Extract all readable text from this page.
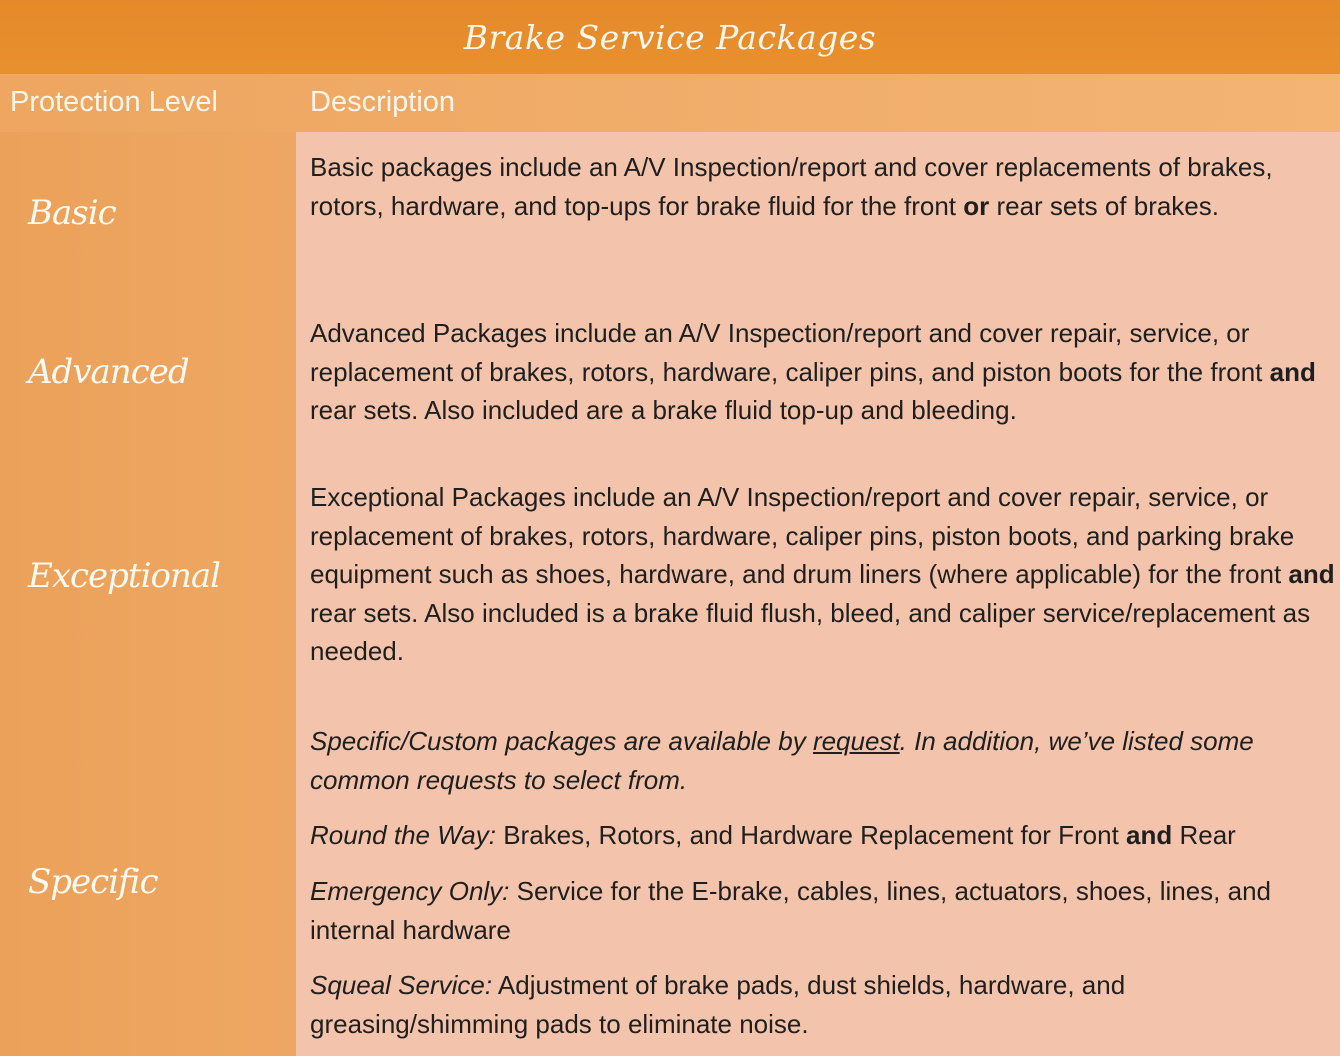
Brake Service Packages
Protection Level	Description
Basic
Basic packages include an A/V Inspection/report and cover replacements of brakes, rotors, hardware, and top-ups for brake fluid for the front or rear sets of brakes.
Advanced
Advanced Packages include an A/V Inspection/report and cover repair, service, or replacement of brakes, rotors, hardware, caliper pins, and piston boots for the front and rear sets. Also included are a brake fluid top-up and bleeding.
Exceptional
Exceptional Packages include an A/V Inspection/report and cover repair, service, or replacement of brakes, rotors, hardware, caliper pins, piston boots, and parking brake equipment such as shoes, hardware, and drum liners (where applicable) for the front and rear sets. Also included is a brake fluid flush, bleed, and caliper service/replacement as needed.
Specific
Specific/Custom packages are available by request. In addition, we’ve listed some common requests to select from.
Round the Way: Brakes, Rotors, and Hardware Replacement for Front and Rear
Emergency Only: Service for the E-brake, cables, lines, actuators, shoes, lines, and internal hardware
Squeal Service: Adjustment of brake pads, dust shields, hardware, and greasing/shimming pads to eliminate noise.
